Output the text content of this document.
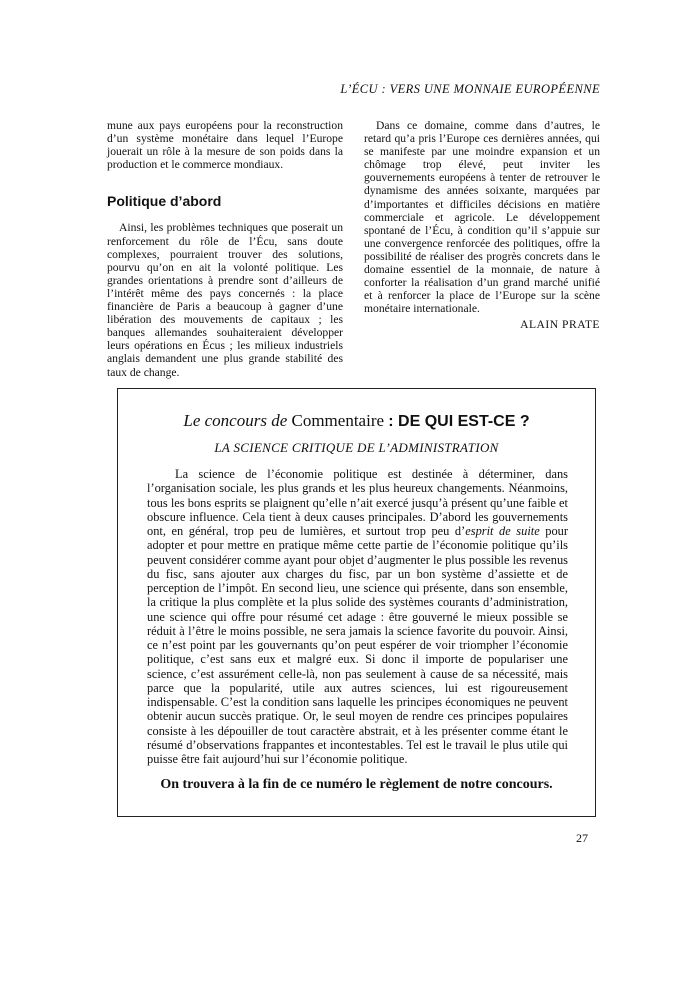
L’ÉCU : VERS UNE MONNAIE EUROPÉENNE

mune aux pays européens pour la reconstruction d’un système monétaire dans lequel l’Europe jouerait un rôle à la mesure de son poids dans la production et le commerce mondiaux.

Politique d’abord

Ainsi, les problèmes techniques que poserait un renforcement du rôle de l’Écu, sans doute complexes, pourraient trouver des solutions, pourvu qu’on en ait la volonté politique. Les grandes orientations à prendre sont d’ailleurs de l’intérêt même des pays concernés : la place financière de Paris a beaucoup à gagner d’une libération des mouvements de capitaux ; les banques allemandes souhaiteraient développer leurs opérations en Écus ; les milieux industriels anglais demandent une plus grande stabilité des taux de change.

Dans ce domaine, comme dans d’autres, le retard qu’a pris l’Europe ces dernières années, qui se manifeste par une moindre expansion et un chômage trop élevé, peut inviter les gouvernements européens à tenter de retrouver le dynamisme des années soixante, marquées par d’importantes et difficiles décisions en matière commerciale et agricole. Le développement spontané de l’Écu, à condition qu’il s’appuie sur une convergence renforcée des politiques, offre la possibilité de réaliser des progrès concrets dans le domaine essentiel de la monnaie, de nature à conforter la réalisation d’un grand marché unifié et à renforcer la place de l’Europe sur la scène monétaire internationale.

ALAIN PRATE
Le concours de Commentaire : DE QUI EST-CE ?
LA SCIENCE CRITIQUE DE L’ADMINISTRATION

La science de l’économie politique est destinée à déterminer, dans l’organisation sociale, les plus grands et les plus heureux changements. Néanmoins, tous les bons esprits se plaignent qu’elle n’ait exercé jusqu’à présent qu’une faible et obscure influence. Cela tient à deux causes principales. D’abord les gouvernements ont, en général, trop peu de lumières, et surtout trop peu d’esprit de suite pour adopter et pour mettre en pratique même cette partie de l’économie politique qu’ils peuvent considérer comme ayant pour objet d’augmenter le plus possible les revenus du fisc, sans ajouter aux charges du fisc, par un bon système d’assiette et de perception de l’impôt. En second lieu, une science qui présente, dans son ensemble, la critique la plus complète et la plus solide des systèmes courants d’administration, une science qui offre pour résumé cet adage : être gouverné le mieux possible se réduit à l’être le moins possible, ne sera jamais la science favorite du pouvoir. Ainsi, ce n’est point par les gouvernants qu’on peut espérer de voir triompher l’économie politique, c’est sans eux et malgré eux. Si donc il importe de populariser une science, c’est assurément celle-là, non pas seulement à cause de sa nécessité, mais parce que la popularité, utile aux autres sciences, lui est rigoureusement indispensable. C’est la condition sans laquelle les principes économiques ne peuvent obtenir aucun succès pratique. Or, le seul moyen de rendre ces principes populaires consiste à les dépouiller de tout caractère abstrait, et à les présenter comme étant le résumé d’observations frappantes et incontestables. Tel est le travail le plus utile qui puisse être fait aujourd’hui sur l’économie politique.

On trouvera à la fin de ce numéro le règlement de notre concours.
27
